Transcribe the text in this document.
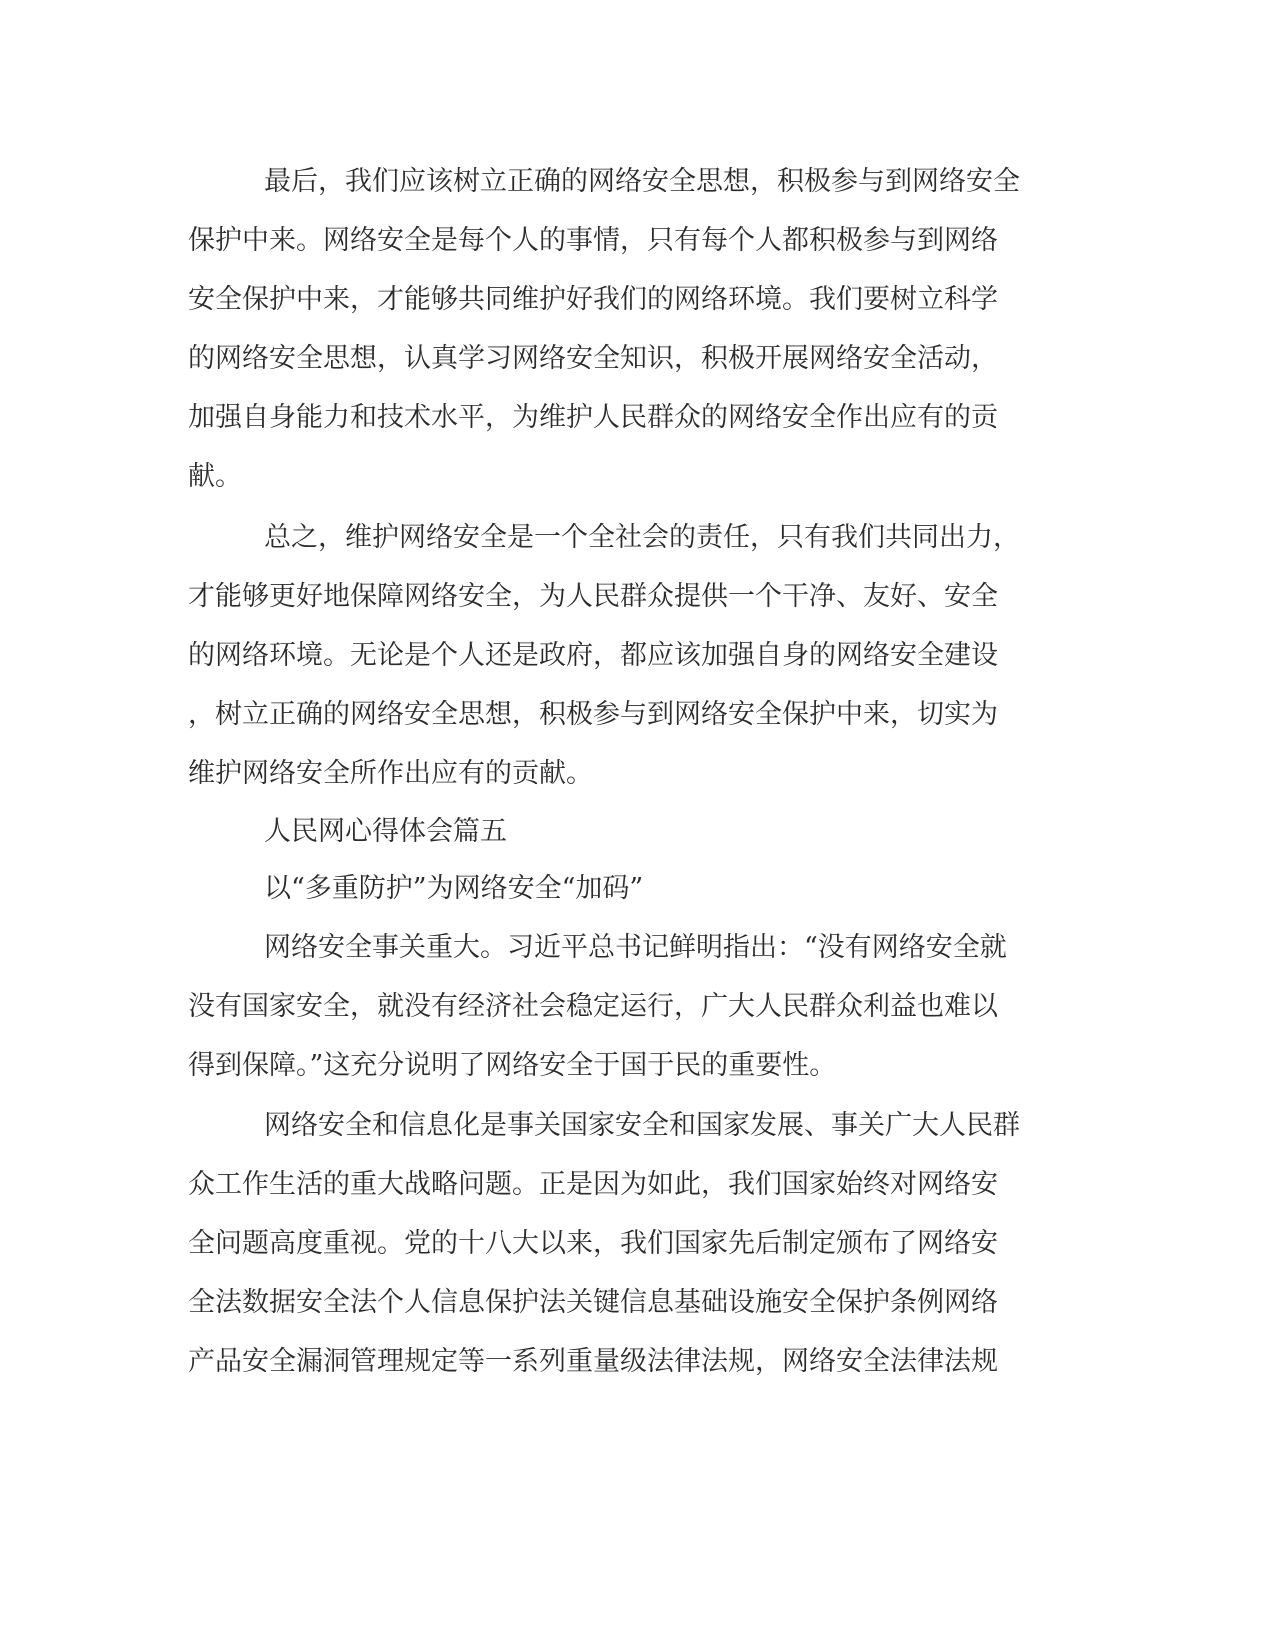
最后，我们应该树立正确的网络安全思想，积极参与到网络安全

保护中来。网络安全是每个人的事情，只有每个人都积极参与到网络

安全保护中来，才能够共同维护好我们的网络环境。我们要树立科学

的网络安全思想，认真学习网络安全知识，积极开展网络安全活动，

加强自身能力和技术水平，为维护人民群众的网络安全作出应有的贡

献。

总之，维护网络安全是一个全社会的责任，只有我们共同出力，

才能够更好地保障网络安全，为人民群众提供一个干净、友好、安全

的网络环境。无论是个人还是政府，都应该加强自身的网络安全建设

，树立正确的网络安全思想，积极参与到网络安全保护中来，切实为

维护网络安全所作出应有的贡献。

人民网心得体会篇五

以“多重防护”为网络安全“加码”

网络安全事关重大。习近平总书记鲜明指出：“没有网络安全就

没有国家安全，就没有经济社会稳定运行，广大人民群众利益也难以

得到保障。”这充分说明了网络安全于国于民的重要性。

网络安全和信息化是事关国家安全和国家发展、事关广大人民群

众工作生活的重大战略问题。正是因为如此，我们国家始终对网络安

全问题高度重视。党的十八大以来，我们国家先后制定颁布了网络安

全法数据安全法个人信息保护法关键信息基础设施安全保护条例网络

产品安全漏洞管理规定等一系列重量级法律法规，网络安全法律法规
